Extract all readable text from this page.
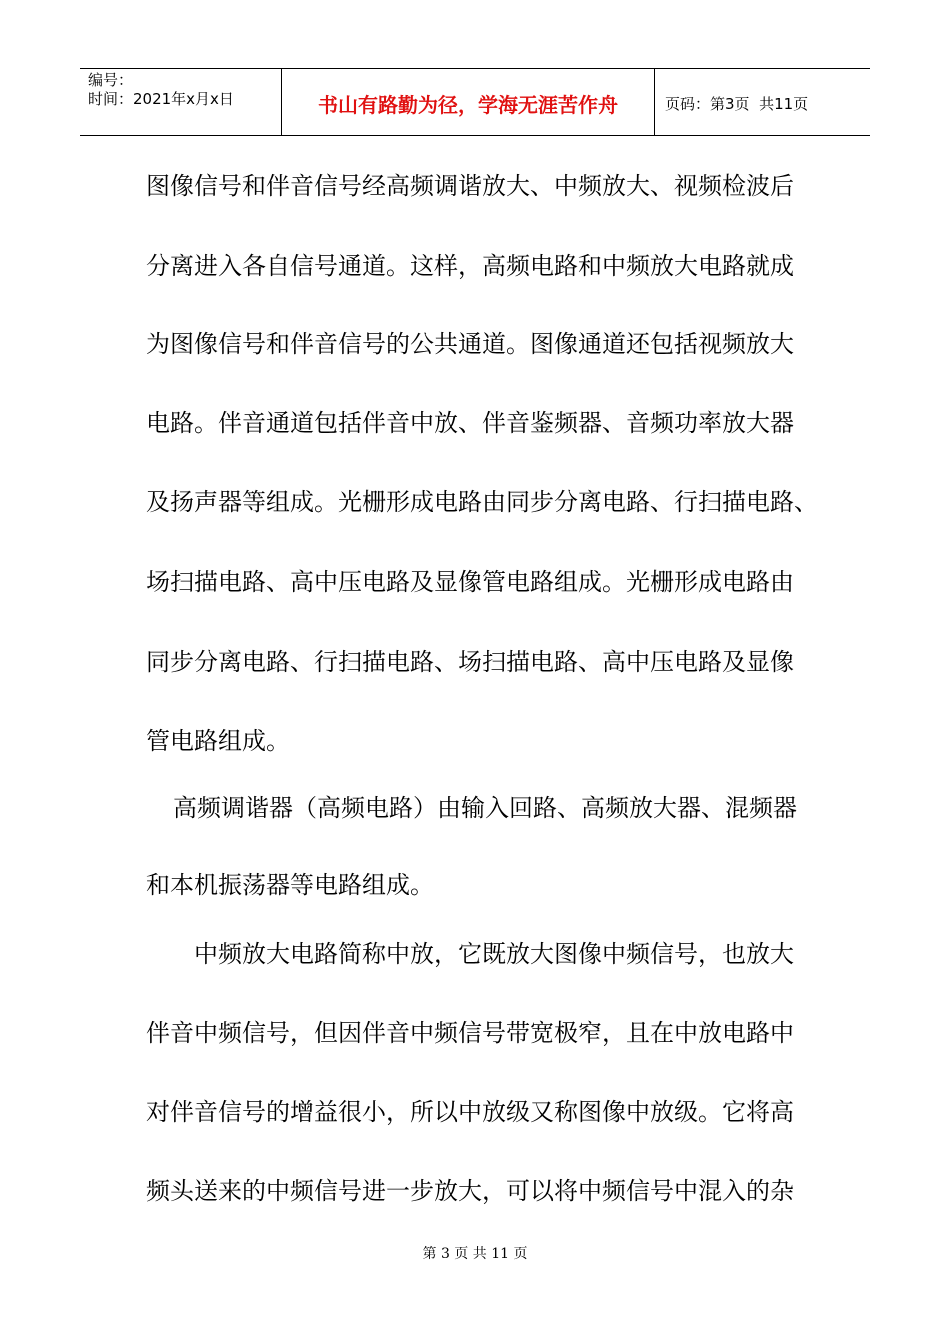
编号：
时间：2021年x月x日	书山有路勤为径，学海无涯苦作舟	页码：第3页  共11页
图像信号和伴音信号经高频调谐放大、中频放大、视频检波后
分离进入各自信号通道。这样，高频电路和中频放大电路就成
为图像信号和伴音信号的公共通道。图像通道还包括视频放大
电路。伴音通道包括伴音中放、伴音鉴频器、音频功率放大器
及扬声器等组成。光栅形成电路由同步分离电路、行扫描电路、
场扫描电路、高中压电路及显像管电路组成。光栅形成电路由
同步分离电路、行扫描电路、场扫描电路、高中压电路及显像
管电路组成。
高频调谐器（高频电路）由输入回路、高频放大器、混频器
和本机振荡器等电路组成。
中频放大电路简称中放，它既放大图像中频信号，也放大
伴音中频信号，但因伴音中频信号带宽极窄，且在中放电路中
对伴音信号的增益很小，所以中放级又称图像中放级。它将高
频头送来的中频信号进一步放大，可以将中频信号中混入的杂
第 3 页 共 11 页
